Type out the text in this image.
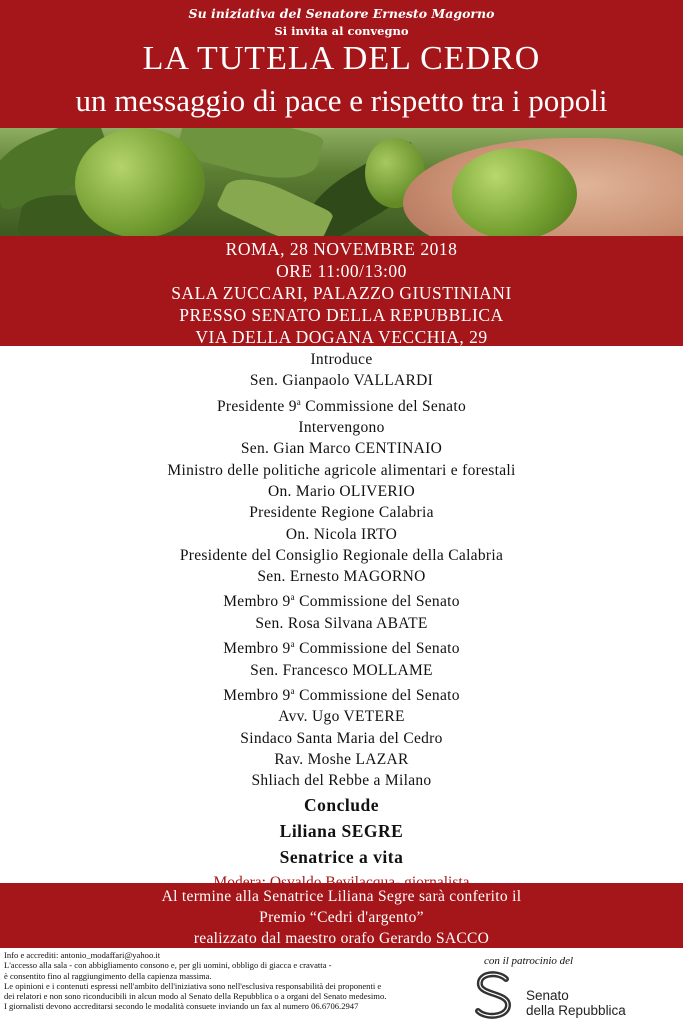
Su iniziativa del Senatore Ernesto Magorno
Si invita al convegno
LA TUTELA DEL CEDRO
un messaggio di pace e rispetto tra i popoli
ROMA, 28 NOVEMBRE 2018
ORE 11:00/13:00
SALA ZUCCARI, PALAZZO GIUSTINIANI
PRESSO SENATO DELLA REPUBBLICA
VIA DELLA DOGANA VECCHIA, 29
Introduce
Sen. Gianpaolo VALLARDI
Presidente 9$^a$ Commissione del Senato
Intervengono
Sen. Gian Marco CENTINAIO
Ministro delle politiche agricole alimentari e forestali
On. Mario OLIVERIO
Presidente Regione Calabria
On. Nicola IRTO
Presidente del Consiglio Regionale della Calabria
Sen. Ernesto MAGORNO
Membro 9$^a$ Commissione del Senato
Sen. Rosa Silvana ABATE
Membro 9$^a$ Commissione del Senato
Sen. Francesco MOLLAME
Membro 9$^a$ Commissione del Senato
Avv. Ugo VETERE
Sindaco Santa Maria del Cedro
Rav. Moshe LAZAR
Shliach del Rebbe a Milano
Conclude
Liliana SEGRE
Senatrice a vita
Al termine alla Senatrice Liliana Segre sarà conferito il
Premio “Cedri d'argento”
realizzato dal maestro orafo Gerardo SACCO
Info e accrediti: antonio_modaffari@yahoo.it
L'accesso alla sala - con abbigliamento consono e, per gli uomini, obbligo di giacca e cravatta -
è consentito fino al raggiungimento della capienza massima.
Le opinioni e i contenuti espressi nell'ambito dell'iniziativa sono nell'esclusiva responsabilità dei proponenti e
dei relatori e non sono riconducibili in alcun modo al Senato della Repubblica o a organi del Senato medesimo.
I giornalisti devono accreditarsi secondo le modalità consuete inviando un fax al numero 06.6706.2947
con il patrocinio del
Senato
della Repubblica
